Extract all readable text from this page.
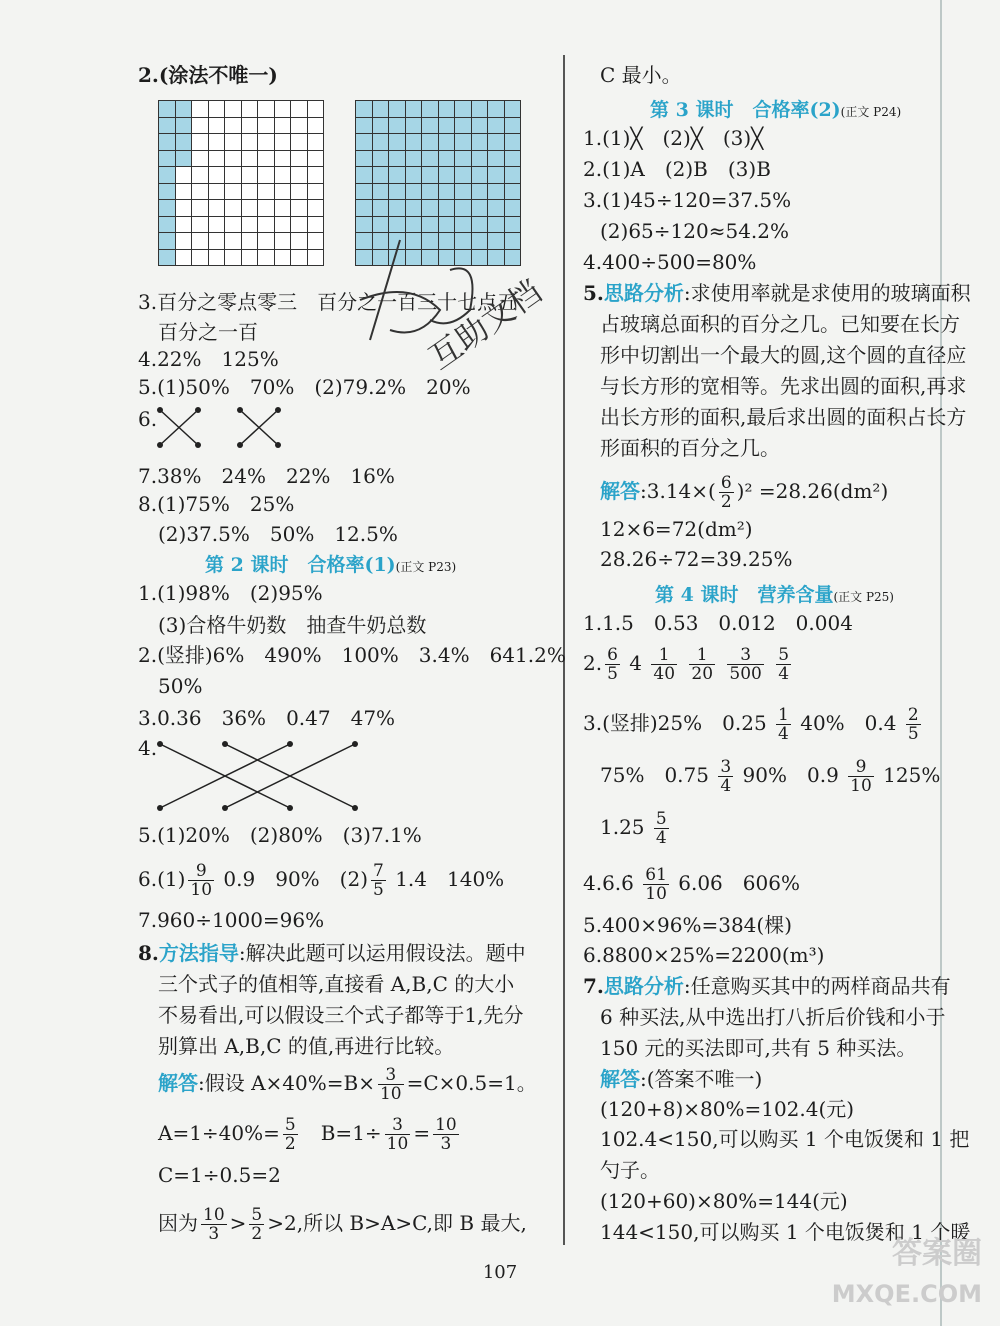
2.(涂法不唯一)
3.百分之零点零三　百分之一百三十七点五
百分之一百
4.22%　125%
5.(1)50%　70%　(2)79.2%　20%
6.
7.38%　24%　22%　16%
8.(1)75%　25%
(2)37.5%　50%　12.5%
第 2 课时　合格率(1)(正文 P23)
1.(1)98%　(2)95%
(3)合格牛奶数　抽查牛奶总数
2.(竖排)6%　490%　100%　3.4%　641.2%
50%
3.0.36　36%　0.47　47%
4.
5.(1)20%　(2)80%　(3)7.1%
$6.(1) \frac{9}{10} 0.9$　90%　$(2) \frac{7}{5} 1.4$　140%
7.960÷1000=96%
8.方法指导:解决此题可以运用假设法。题中
三个式子的值相等,直接看 A,B,C 的大小
不易看出,可以假设三个式子都等于1,先分
别算出 A,B,C 的值,再进行比较。
解答:假设 $A\times 40\%=B\times \frac{3}{10} =C\times 0.5=1$。
$A=1\div 40\%= \frac{5}{2}$ 　$B=1\div \frac{3}{10} = \frac{10}{3}$
C=1÷0.5=2
因为 $\frac{10}{3} > \frac{5}{2} >2$,所以 B>A>C,即 B 最大,
C 最小。
第 3 课时　合格率(2)(正文 P24)
1.(1)╳　(2)╳　(3)╳
2.(1)A　(2)B　(3)B
3.(1)45÷120=37.5%
(2)65÷120≈54.2%
4.400÷500=80%
5.思路分析:求使用率就是求使用的玻璃面积
占玻璃总面积的百分之几。已知要在长方
形中切割出一个最大的圆,这个圆的直径应
与长方形的宽相等。先求出圆的面积,再求
出长方形的面积,最后求出圆的面积占长方
形面积的百分之几。
解答:3.14×( $\frac{6}{2} )^2 =28.26(dm^2)$
12×6=72(dm²)
28.26÷72=39.25%
第 4 课时　营养含量(正文 P25)
1.1.5　0.53　0.012　0.004
2. $\frac{6}{5} 4 \frac{1}{40}$
$\frac{1}{20}$
$\frac{3}{500}$
$\frac{5}{4}$
3.(竖排)25%　$0.25 \frac{1}{4} 40\%$　$0.4 \frac{2}{5}$
75%　$0.75 \frac{3}{4} 90\%$　$0.9 \frac{9}{10} 125\%$
$1.25 \frac{5}{4}$
4.6.6̇ $\frac{61}{10}$ 6.06̇　606%
5.400×96%=384(棵)
6.8800×25%=2200(m³)
7.思路分析:任意购买其中的两样商品共有
6 种买法,从中选出打八折后价钱和小于
150 元的买法即可,共有 5 种买法。
解答:(答案不唯一)
(120+8)×80%=102.4(元)
102.4<150,可以购买 1 个电饭煲和 1 把
勺子。
(120+60)×80%=144(元)
144<150,可以购买 1 个电饭煲和 1 个暖
107
互助文档
答案圈
MXQE.COM
